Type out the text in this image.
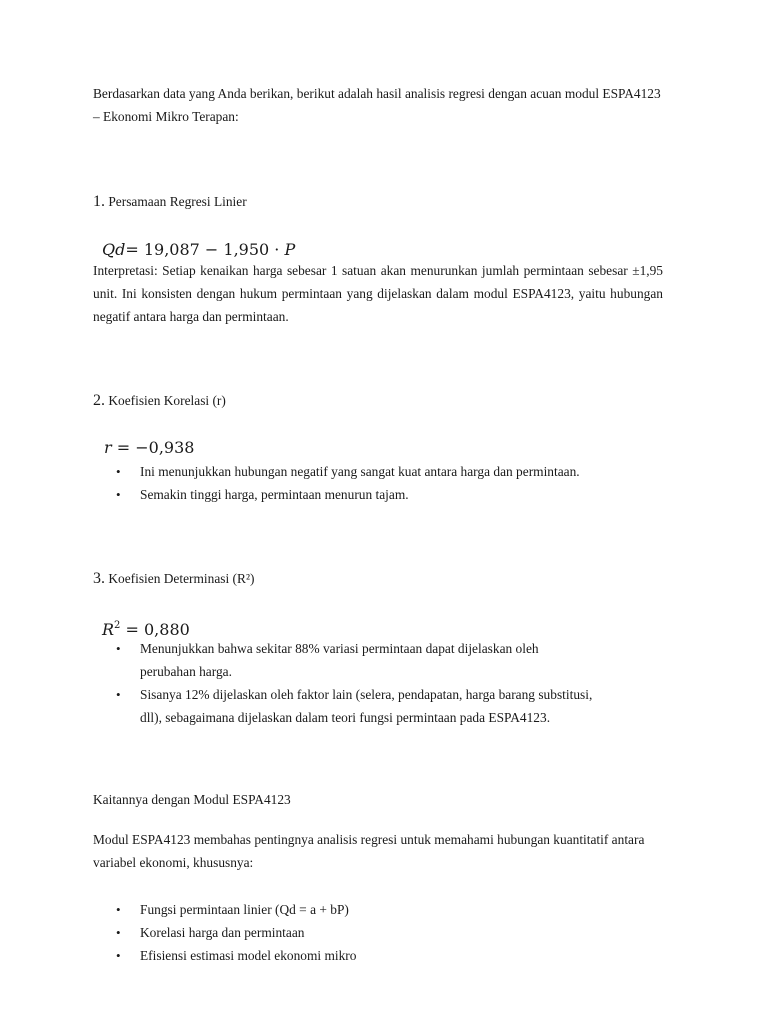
Berdasarkan data yang Anda berikan, berikut adalah hasil analisis regresi dengan acuan modul ESPA4123 – Ekonomi Mikro Terapan:
1. Persamaan Regresi Linier
Qd= 19,087 − 1,950 · P
Interpretasi: Setiap kenaikan harga sebesar 1 satuan akan menurunkan jumlah permintaan sebesar ±1,95 unit. Ini konsisten dengan hukum permintaan yang dijelaskan dalam modul ESPA4123, yaitu hubungan negatif antara harga dan permintaan.
2. Koefisien Korelasi (r)
r = −0,938
• Ini menunjukkan hubungan negatif yang sangat kuat antara harga dan permintaan.
• Semakin tinggi harga, permintaan menurun tajam.
3. Koefisien Determinasi (R²)
$R^2 = 0,880$
• Menunjukkan bahwa sekitar 88% variasi permintaan dapat dijelaskan oleh perubahan harga.
• Sisanya 12% dijelaskan oleh faktor lain (selera, pendapatan, harga barang substitusi, dll), sebagaimana dijelaskan dalam teori fungsi permintaan pada ESPA4123.
Kaitannya dengan Modul ESPA4123
Modul ESPA4123 membahas pentingnya analisis regresi untuk memahami hubungan kuantitatif antara variabel ekonomi, khususnya:
• Fungsi permintaan linier (Qd = a + bP)
• Korelasi harga dan permintaan
• Efisiensi estimasi model ekonomi mikro
